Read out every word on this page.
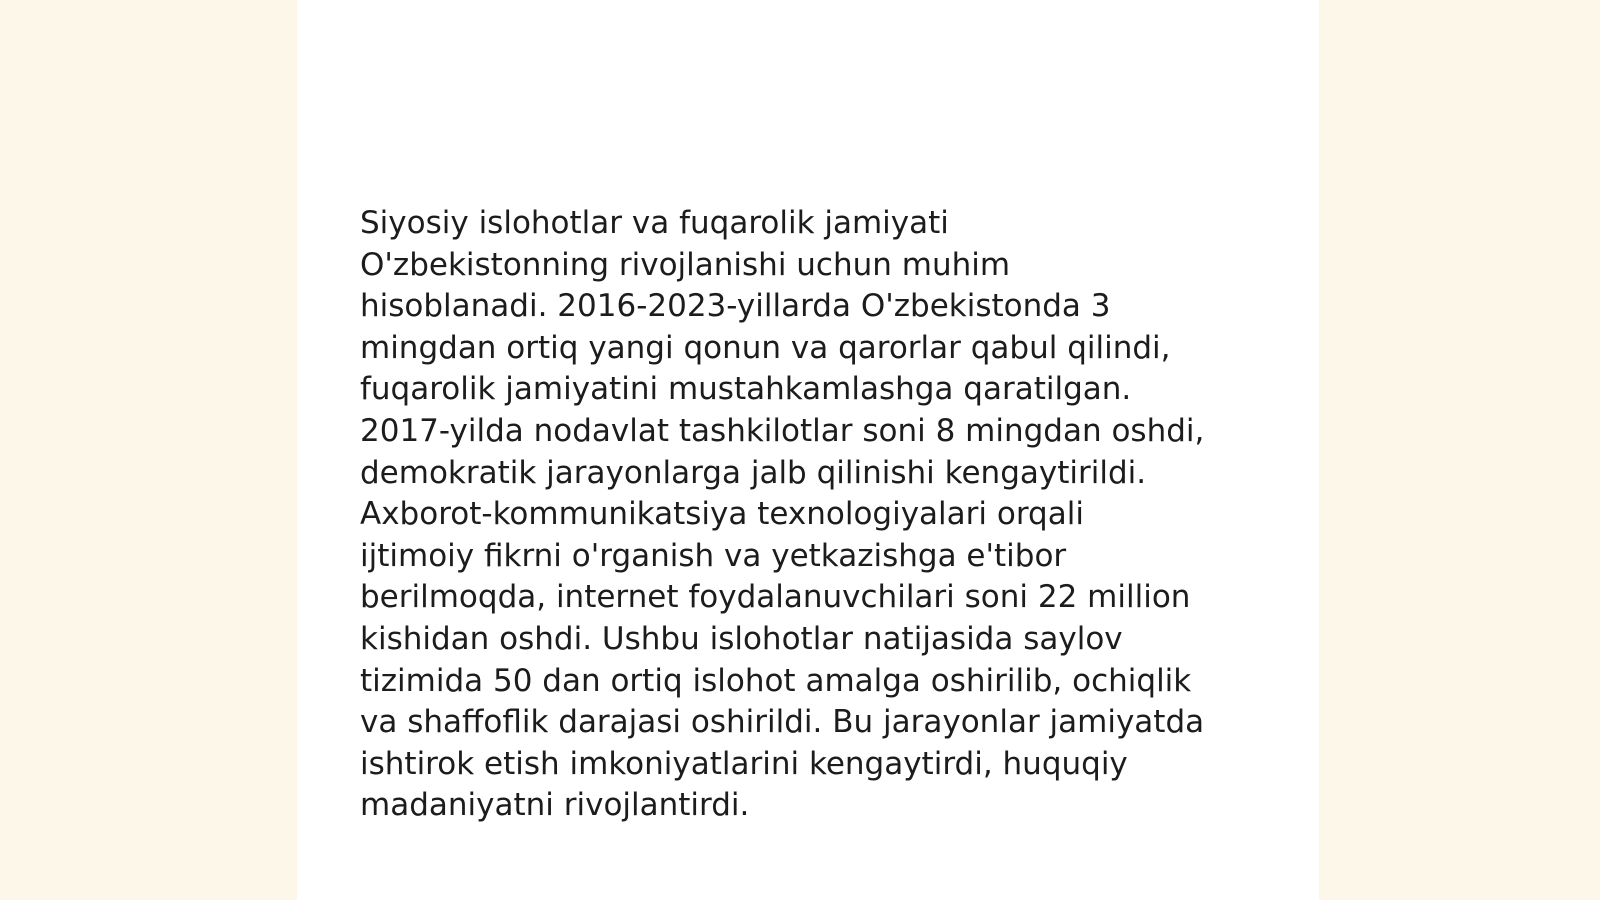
Siyosiy islohotlar va fuqarolik jamiyati
O'zbekistonning rivojlanishi uchun muhim
hisoblanadi. 2016-2023-yillarda O'zbekistonda 3
mingdan ortiq yangi qonun va qarorlar qabul qilindi,
fuqarolik jamiyatini mustahkamlashga qaratilgan.
2017-yilda nodavlat tashkilotlar soni 8 mingdan oshdi,
demokratik jarayonlarga jalb qilinishi kengaytirildi.
Axborot-kommunikatsiya texnologiyalari orqali
ijtimoiy fikrni o'rganish va yetkazishga e'tibor
berilmoqda, internet foydalanuvchilari soni 22 million
kishidan oshdi. Ushbu islohotlar natijasida saylov
tizimida 50 dan ortiq islohot amalga oshirilib, ochiqlik
va shaffoflik darajasi oshirildi. Bu jarayonlar jamiyatda
ishtirok etish imkoniyatlarini kengaytirdi, huquqiy
madaniyatni rivojlantirdi.
